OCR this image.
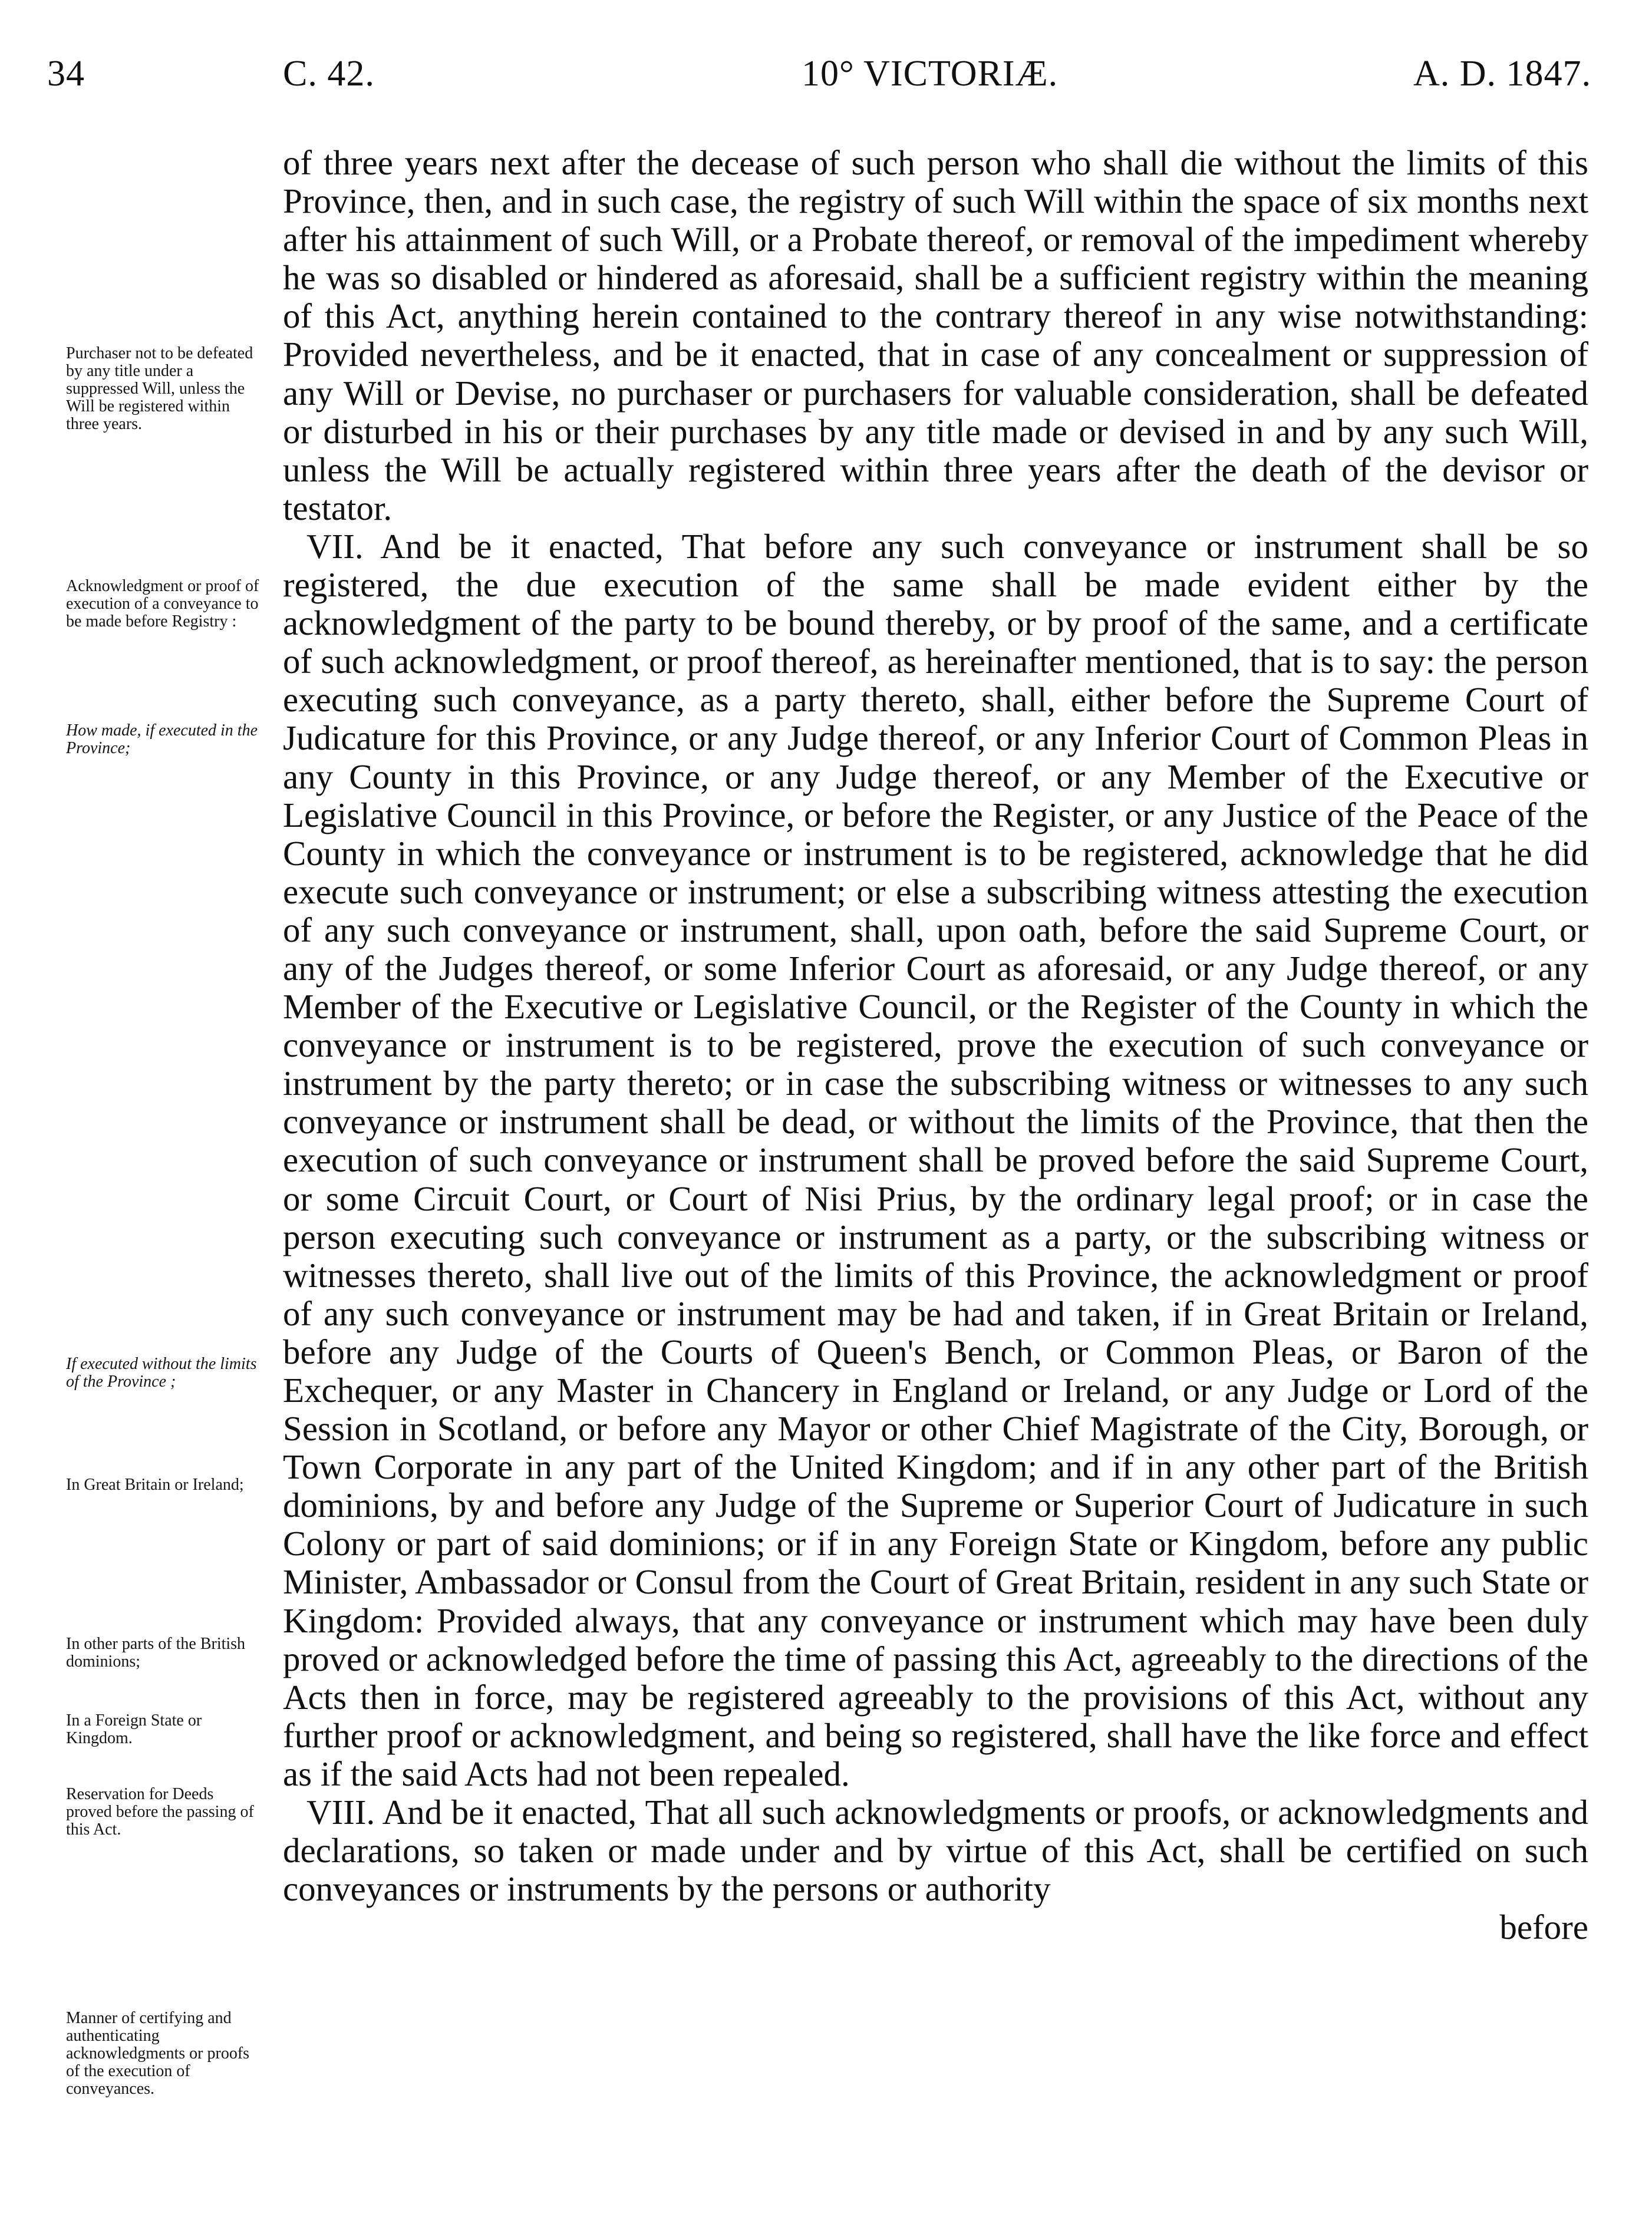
34	C. 42.	10° VICTORIÆ.	A. D. 1847.

Purchaser not to be defeated by any title under a suppressed Will, unless the Will be registered within three years.

Acknowledgment or proof of execution of a conveyance to be made before Registry :

How made, if executed in the Province;

If executed without the limits of the Province ;

In Great Britain or Ireland;

In other parts of the British dominions;

In a Foreign State or Kingdom.

Reservation for Deeds proved before the passing of this Act.

Manner of certifying and authenticating acknowledgments or proofs of the execution of conveyances.

of three years next after the decease of such person who shall die without the limits of this Province, then, and in such case, the registry of such Will within the space of six months next after his attainment of such Will, or a Probate thereof, or removal of the impediment whereby he was so disabled or hindered as aforesaid, shall be a sufficient registry within the meaning of this Act, anything herein contained to the contrary thereof in any wise notwithstanding: Provided nevertheless, and be it enacted, that in case of any concealment or suppression of any Will or Devise, no purchaser or purchasers for valuable consideration, shall be defeated or disturbed in his or their purchases by any title made or devised in and by any such Will, unless the Will be actually registered within three years after the death of the devisor or testator.

VII. And be it enacted, That before any such conveyance or instrument shall be so registered, the due execution of the same shall be made evident either by the acknowledgment of the party to be bound thereby, or by proof of the same, and a certificate of such acknowledgment, or proof thereof, as hereinafter mentioned, that is to say: the person executing such conveyance, as a party thereto, shall, either before the Supreme Court of Judicature for this Province, or any Judge thereof, or any Inferior Court of Common Pleas in any County in this Province, or any Judge thereof, or any Member of the Executive or Legislative Council in this Province, or before the Register, or any Justice of the Peace of the County in which the conveyance or instrument is to be registered, acknowledge that he did execute such conveyance or instrument; or else a subscribing witness attesting the execution of any such conveyance or instrument, shall, upon oath, before the said Supreme Court, or any of the Judges thereof, or some Inferior Court as aforesaid, or any Judge thereof, or any Member of the Executive or Legislative Council, or the Register of the County in which the conveyance or instrument is to be registered, prove the execution of such conveyance or instrument by the party thereto; or in case the subscribing witness or witnesses to any such conveyance or instrument shall be dead, or without the limits of the Province, that then the execution of such conveyance or instrument shall be proved before the said Supreme Court, or some Circuit Court, or Court of Nisi Prius, by the ordinary legal proof; or in case the person executing such conveyance or instrument as a party, or the subscribing witness or witnesses thereto, shall live out of the limits of this Province, the acknowledgment or proof of any such conveyance or instrument may be had and taken, if in Great Britain or Ireland, before any Judge of the Courts of Queen's Bench, or Common Pleas, or Baron of the Exchequer, or any Master in Chancery in England or Ireland, or any Judge or Lord of the Session in Scotland, or before any Mayor or other Chief Magistrate of the City, Borough, or Town Corporate in any part of the United Kingdom; and if in any other part of the British dominions, by and before any Judge of the Supreme or Superior Court of Judicature in such Colony or part of said dominions; or if in any Foreign State or Kingdom, before any public Minister, Ambassador or Consul from the Court of Great Britain, resident in any such State or Kingdom: Provided always, that any conveyance or instrument which may have been duly proved or acknowledged before the time of passing this Act, agreeably to the directions of the Acts then in force, may be registered agreeably to the provisions of this Act, without any further proof or acknowledgment, and being so registered, shall have the like force and effect as if the said Acts had not been repealed.

VIII. And be it enacted, That all such acknowledgments or proofs, or acknowledgments and declarations, so taken or made under and by virtue of this Act, shall be certified on such conveyances or instruments by the persons or authority

before
